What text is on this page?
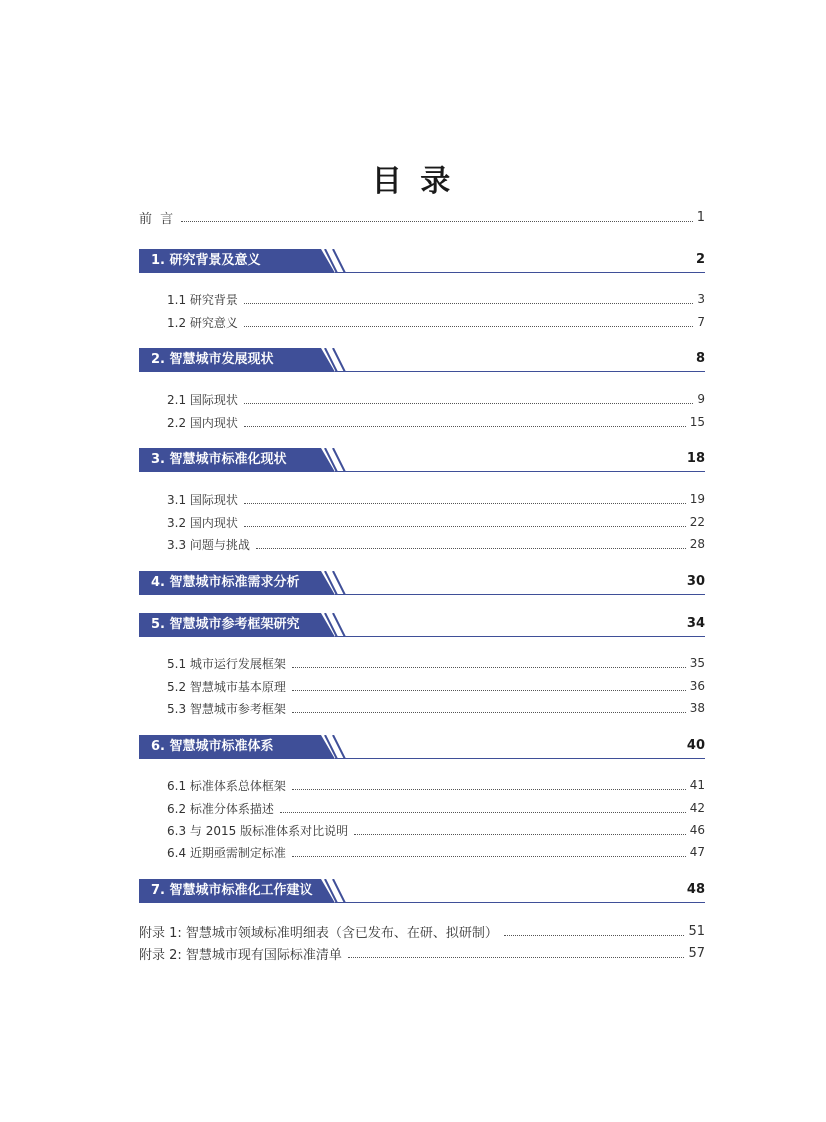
目 录
前 言	1
1. 研究背景及意义	2
1.1 研究背景	3
1.2 研究意义	7
2. 智慧城市发展现状	8
2.1 国际现状	9
2.2 国内现状	15
3. 智慧城市标准化现状	18
3.1 国际现状	19
3.2 国内现状	22
3.3 问题与挑战	28
4. 智慧城市标准需求分析	30
5. 智慧城市参考框架研究	34
5.1 城市运行发展框架	35
5.2 智慧城市基本原理	36
5.3 智慧城市参考框架	38
6. 智慧城市标准体系	40
6.1 标准体系总体框架	41
6.2 标准分体系描述	42
6.3 与 2015 版标准体系对比说明	46
6.4 近期亟需制定标准	47
7. 智慧城市标准化工作建议	48
附录 1: 智慧城市领域标准明细表（含已发布、在研、拟研制）	51
附录 2: 智慧城市现有国际标准清单	57
